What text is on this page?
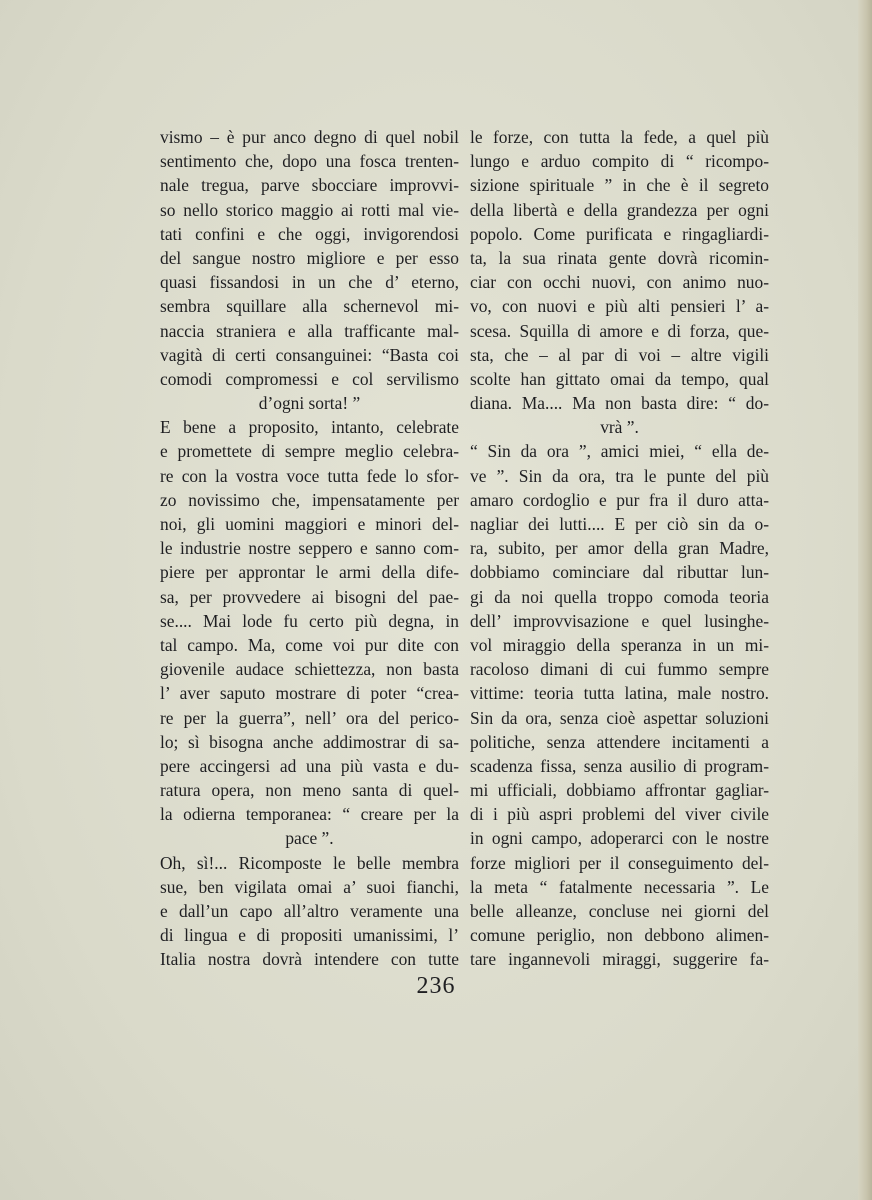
vismo – è pur anco degno di quel nobil
sentimento che, dopo una fosca trenten-
nale tregua, parve sbocciare improvvi-
so nello storico maggio ai rotti mal vie-
tati confini e che oggi, invigorendosi
del sangue nostro migliore e per esso
quasi fissandosi in un che d’ eterno,
sembra squillare alla schernevol mi-
naccia straniera e alla trafficante mal-
vagità di certi consanguinei: “Basta coi
comodi compromessi e col servilismo
d’ogni sorta! ”
E bene a proposito, intanto, celebrate
e promettete di sempre meglio celebra-
re con la vostra voce tutta fede lo sfor-
zo novissimo che, impensatamente per
noi, gli uomini maggiori e minori del-
le industrie nostre seppero e sanno com-
piere per approntar le armi della dife-
sa, per provvedere ai bisogni del pae-
se.... Mai lode fu certo più degna, in
tal campo. Ma, come voi pur dite con
giovenile audace schiettezza, non basta
l’ aver saputo mostrare di poter “crea-
re per la guerra”, nell’ ora del perico-
lo; sì bisogna anche addimostrar di sa-
pere accingersi ad una più vasta e du-
ratura opera, non meno santa di quel-
la odierna temporanea: “ creare per la
pace ”.
Oh, sì!... Ricomposte le belle membra
sue, ben vigilata omai a’ suoi fianchi,
e dall’un capo all’altro veramente una
di lingua e di propositi umanissimi, l’
Italia nostra dovrà intendere con tutte
le forze, con tutta la fede, a quel più
lungo e arduo compito di “ ricompo-
sizione spirituale ” in che è il segreto
della libertà e della grandezza per ogni
popolo. Come purificata e ringagliardi-
ta, la sua rinata gente dovrà ricomin-
ciar con occhi nuovi, con animo nuo-
vo, con nuovi e più alti pensieri l’ a-
scesa. Squilla di amore e di forza, que-
sta, che – al par di voi – altre vigili
scolte han gittato omai da tempo, qual
diana. Ma.... Ma non basta dire: “ do-
vrà ”.
“ Sin da ora ”, amici miei, “ ella de-
ve ”. Sin da ora, tra le punte del più
amaro cordoglio e pur fra il duro atta-
nagliar dei lutti.... E per ciò sin da o-
ra, subito, per amor della gran Madre,
dobbiamo cominciare dal ributtar lun-
gi da noi quella troppo comoda teoria
dell’ improvvisazione e quel lusinghe-
vol miraggio della speranza in un mi-
racoloso dimani di cui fummo sempre
vittime: teoria tutta latina, male nostro.
Sin da ora, senza cioè aspettar soluzioni
politiche, senza attendere incitamenti a
scadenza fissa, senza ausilio di program-
mi ufficiali, dobbiamo affrontar gagliar-
di i più aspri problemi del viver civile
in ogni campo, adoperarci con le nostre
forze migliori per il conseguimento del-
la meta “ fatalmente necessaria ”. Le
belle alleanze, concluse nei giorni del
comune periglio, non debbono alimen-
tare ingannevoli miraggi, suggerire fa-
236
